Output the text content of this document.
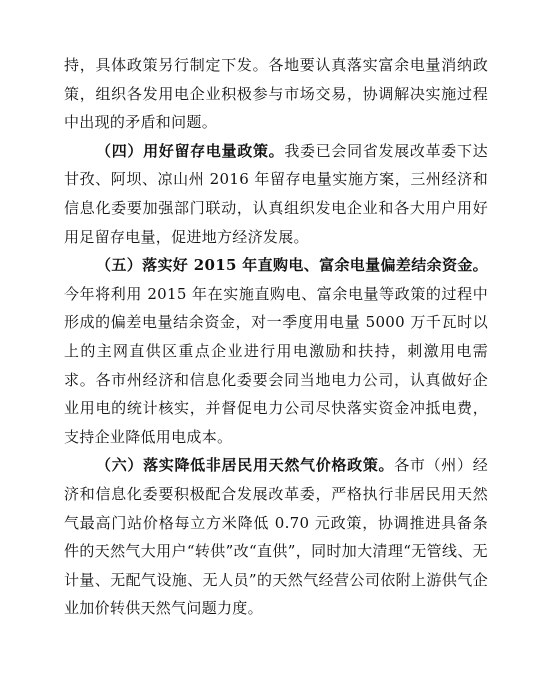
持，具体政策另行制定下发。各地要认真落实富余电量消纳政策，组织各发用电企业积极参与市场交易，协调解决实施过程中出现的矛盾和问题。

（四）用好留存电量政策。我委已会同省发展改革委下达甘孜、阿坝、凉山州 2016 年留存电量实施方案，三州经济和信息化委要加强部门联动，认真组织发电企业和各大用户用好用足留存电量，促进地方经济发展。

（五）落实好 2015 年直购电、富余电量偏差结余资金。今年将利用 2015 年在实施直购电、富余电量等政策的过程中形成的偏差电量结余资金，对一季度用电量 5000 万千瓦时以上的主网直供区重点企业进行用电激励和扶持，刺激用电需求。各市州经济和信息化委要会同当地电力公司，认真做好企业用电的统计核实，并督促电力公司尽快落实资金冲抵电费，支持企业降低用电成本。

（六）落实降低非居民用天然气价格政策。各市（州）经济和信息化委要积极配合发展改革委，严格执行非居民用天然气最高门站价格每立方米降低 0.70 元政策，协调推进具备条件的天然气大用户“转供”改“直供”，同时加大清理“无管线、无计量、无配气设施、无人员”的天然气经营公司依附上游供气企业加价转供天然气问题力度。
